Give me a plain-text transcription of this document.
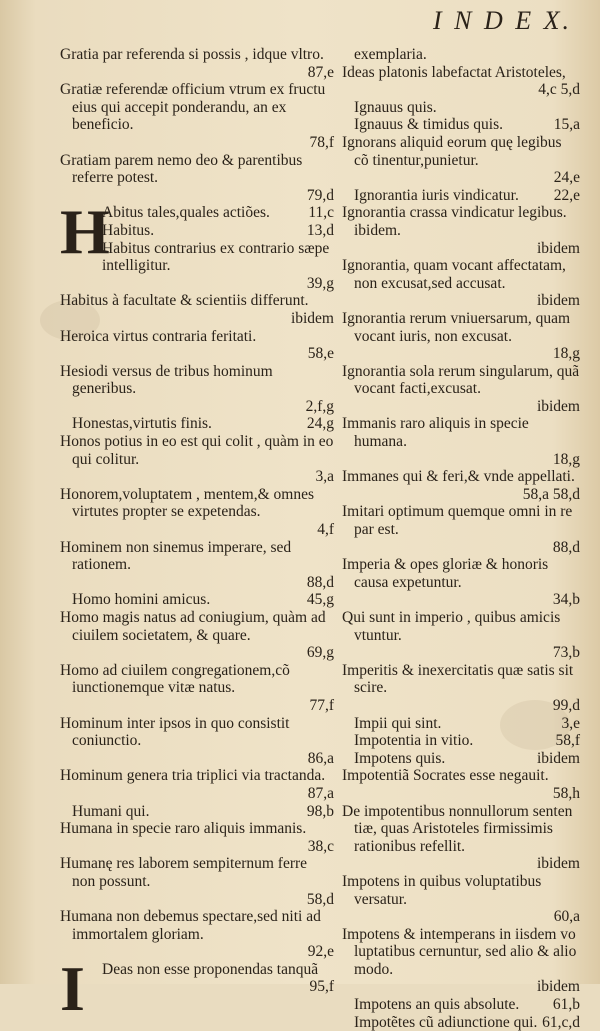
I N D E X.
Gratia par referenda si possis , idque vltro.
87,e
Gratiæ referendæ officium vtrum ex fructu eius qui accepit ponderandu, an ex beneficio.
78,f
Gratiam parem nemo deo & parentibus referre potest.
79,d
H
Abitus tales,quales actiões. 11,c
Habitus.	13,d
Habitus contrarius ex contrario sæpe intelligitur.
39,g
Habitus à facultate & scientiis differunt.
ibidem
Heroica virtus contraria feritati.
58,e
Hesiodi versus de tribus hominum generibus.
2,f,g
Honestas,virtutis finis.	24,g
Honos potius in eo est qui colit , quàm in eo qui colitur.
3,a
Honorem,voluptatem , mentem,& omnes virtutes propter se expetendas.
4,f
Hominem non sinemus imperare, sed rationem.
88,d
Homo homini amicus.	45,g
Homo magis natus ad coniugium, quàm ad ciuilem societatem, & quare.
69,g
Homo ad ciuilem congregationem,cõ iunctionemque vitæ natus.
77,f
Hominum inter ipsos in quo consistit coniunctio.
86,a
Hominum genera tria triplici via tractanda.
87,a
Humani qui.	98,b
Humana in specie raro aliquis immanis.
38,c
Humanę res laborem sempiternum ferre non possunt.
58,d
Humana non debemus spectare,sed niti ad immortalem gloriam.
92,e
I Deas non esse proponendas tanquã
95,f
exemplaria.
Ideas platonis labefactat Aristoteles,
4,c 5,d
Ignauus quis.
Ignauus & timidus quis.	15,a
Ignorans aliquid eorum quę legibus cõ tinentur,punietur.
24,e
Ignorantia iuris vindicatur. 22,e
Ignorantia crassa vindicatur legibus. ibidem.
ibidem
Ignorantia, quam vocant affectatam, non excusat,sed accusat.
ibidem
Ignorantia rerum vniuersarum, quam vocant iuris, non excusat.
18,g
Ignorantia sola rerum singularum, quã vocant facti,excusat.
ibidem
Immanis raro aliquis in specie humana.
18,g
Immanes qui & feri,& vnde appellati.
58,a 58,d
Imitari optimum quemque omni in re par est.
88,d
Imperia & opes gloriæ & honoris causa expetuntur.
34,b
Qui sunt in imperio , quibus amicis vtuntur.
73,b
Imperitis & inexercitatis quæ satis sit scire.
99,d
Impii qui sint.	3,e
Impotentia in vitio.	58,f
Impotens quis.	ibidem
Impotentiã Socrates esse negauit.
58,h
De impotentibus nonnullorum senten tiæ, quas Aristoteles firmissimis rationibus refellit.
ibidem
Impotens in quibus voluptatibus versatur.
60,a
Impotens & intemperans in iisdem vo luptatibus cernuntur, sed alio & alio modo.
ibidem
Impotens an quis absolute. 61,b
Impotẽtes cũ adiunctione qui. 61,c,d
